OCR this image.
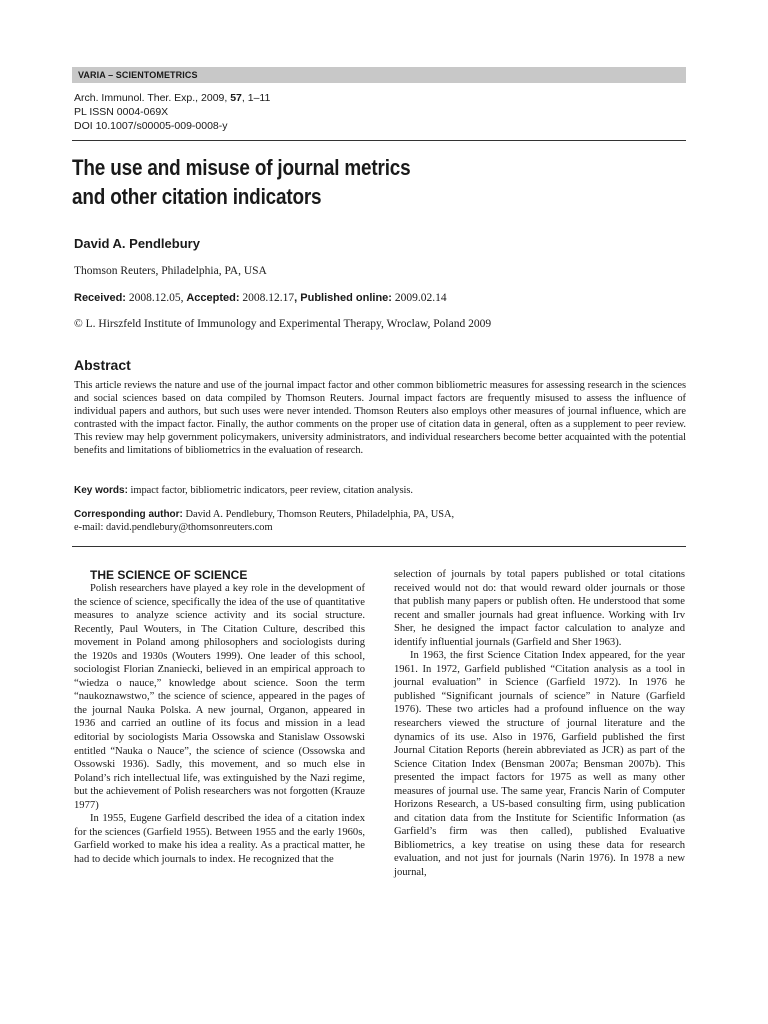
VARIA – SCIENTOMETRICS
Arch. Immunol. Ther. Exp., 2009, 57, 1–11
PL ISSN 0004-069X
DOI 10.1007/s00005-009-0008-y
The use and misuse of journal metrics
and other citation indicators
David A. Pendlebury
Thomson Reuters, Philadelphia, PA, USA
Received: 2008.12.05, Accepted: 2008.12.17, Published online: 2009.02.14
© L. Hirszfeld Institute of Immunology and Experimental Therapy, Wroclaw, Poland 2009
Abstract
This article reviews the nature and use of the journal impact factor and other common bibliometric measures for assessing research in the sciences and social sciences based on data compiled by Thomson Reuters. Journal impact factors are frequently misused to assess the influence of individual papers and authors, but such uses were never intended. Thomson Reuters also employs other measures of journal influence, which are contrasted with the impact factor. Finally, the author comments on the proper use of citation data in general, often as a supplement to peer review. This review may help government policymakers, university administrators, and individual researchers become better acquainted with the potential benefits and limitations of bibliometrics in the evaluation of research.
Key words: impact factor, bibliometric indicators, peer review, citation analysis.
Corresponding author: David A. Pendlebury, Thomson Reuters, Philadelphia, PA, USA,
e-mail: david.pendlebury@thomsonreuters.com

THE SCIENCE OF SCIENCE

Polish researchers have played a key role in the development of the science of science, specifically the idea of the use of quantitative measures to analyze science activity and its social structure. Recently, Paul Wouters, in The Citation Culture, described this movement in Poland among philosophers and sociologists during the 1920s and 1930s (Wouters 1999). One leader of this school, sociologist Florian Znaniecki, believed in an empirical approach to “wiedza o nauce,” knowledge about science. Soon the term “naukoznawstwo,” the science of science, appeared in the pages of the journal Nauka Polska. A new journal, Organon, appeared in 1936 and carried an outline of its focus and mission in a lead editorial by sociologists Maria Ossowska and Stanislaw Ossowski entitled “Nauka o Nauce”, the science of science (Ossowska and Ossowski 1936). Sadly, this movement, and so much else in Poland’s rich intellectual life, was extinguished by the Nazi regime, but the achievement of Polish researchers was not forgotten (Krauze 1977)

In 1955, Eugene Garfield described the idea of a citation index for the sciences (Garfield 1955). Between 1955 and the early 1960s, Garfield worked to make his idea a reality. As a practical matter, he had to decide which journals to index. He recognized that the

selection of journals by total papers published or total citations received would not do: that would reward older journals or those that publish many papers or publish often. He understood that some recent and smaller journals had great influence. Working with Irv Sher, he designed the impact factor calculation to analyze and identify influential journals (Garfield and Sher 1963).

In 1963, the first Science Citation Index appeared, for the year 1961. In 1972, Garfield published “Citation analysis as a tool in journal evaluation” in Science (Garfield 1972). In 1976 he published “Significant journals of science” in Nature (Garfield 1976). These two articles had a profound influence on the way researchers viewed the structure of journal literature and the dynamics of its use. Also in 1976, Garfield published the first Journal Citation Reports (herein abbreviated as JCR) as part of the Science Citation Index (Bensman 2007a; Bensman 2007b). This presented the impact factors for 1975 as well as many other measures of journal use. The same year, Francis Narin of Computer Horizons Research, a US-based consulting firm, using publication and citation data from the Institute for Scientific Information (as Garfield’s firm was then called), published Evaluative Bibliometrics, a key treatise on using these data for research evaluation, and not just for journals (Narin 1976). In 1978 a new journal,
